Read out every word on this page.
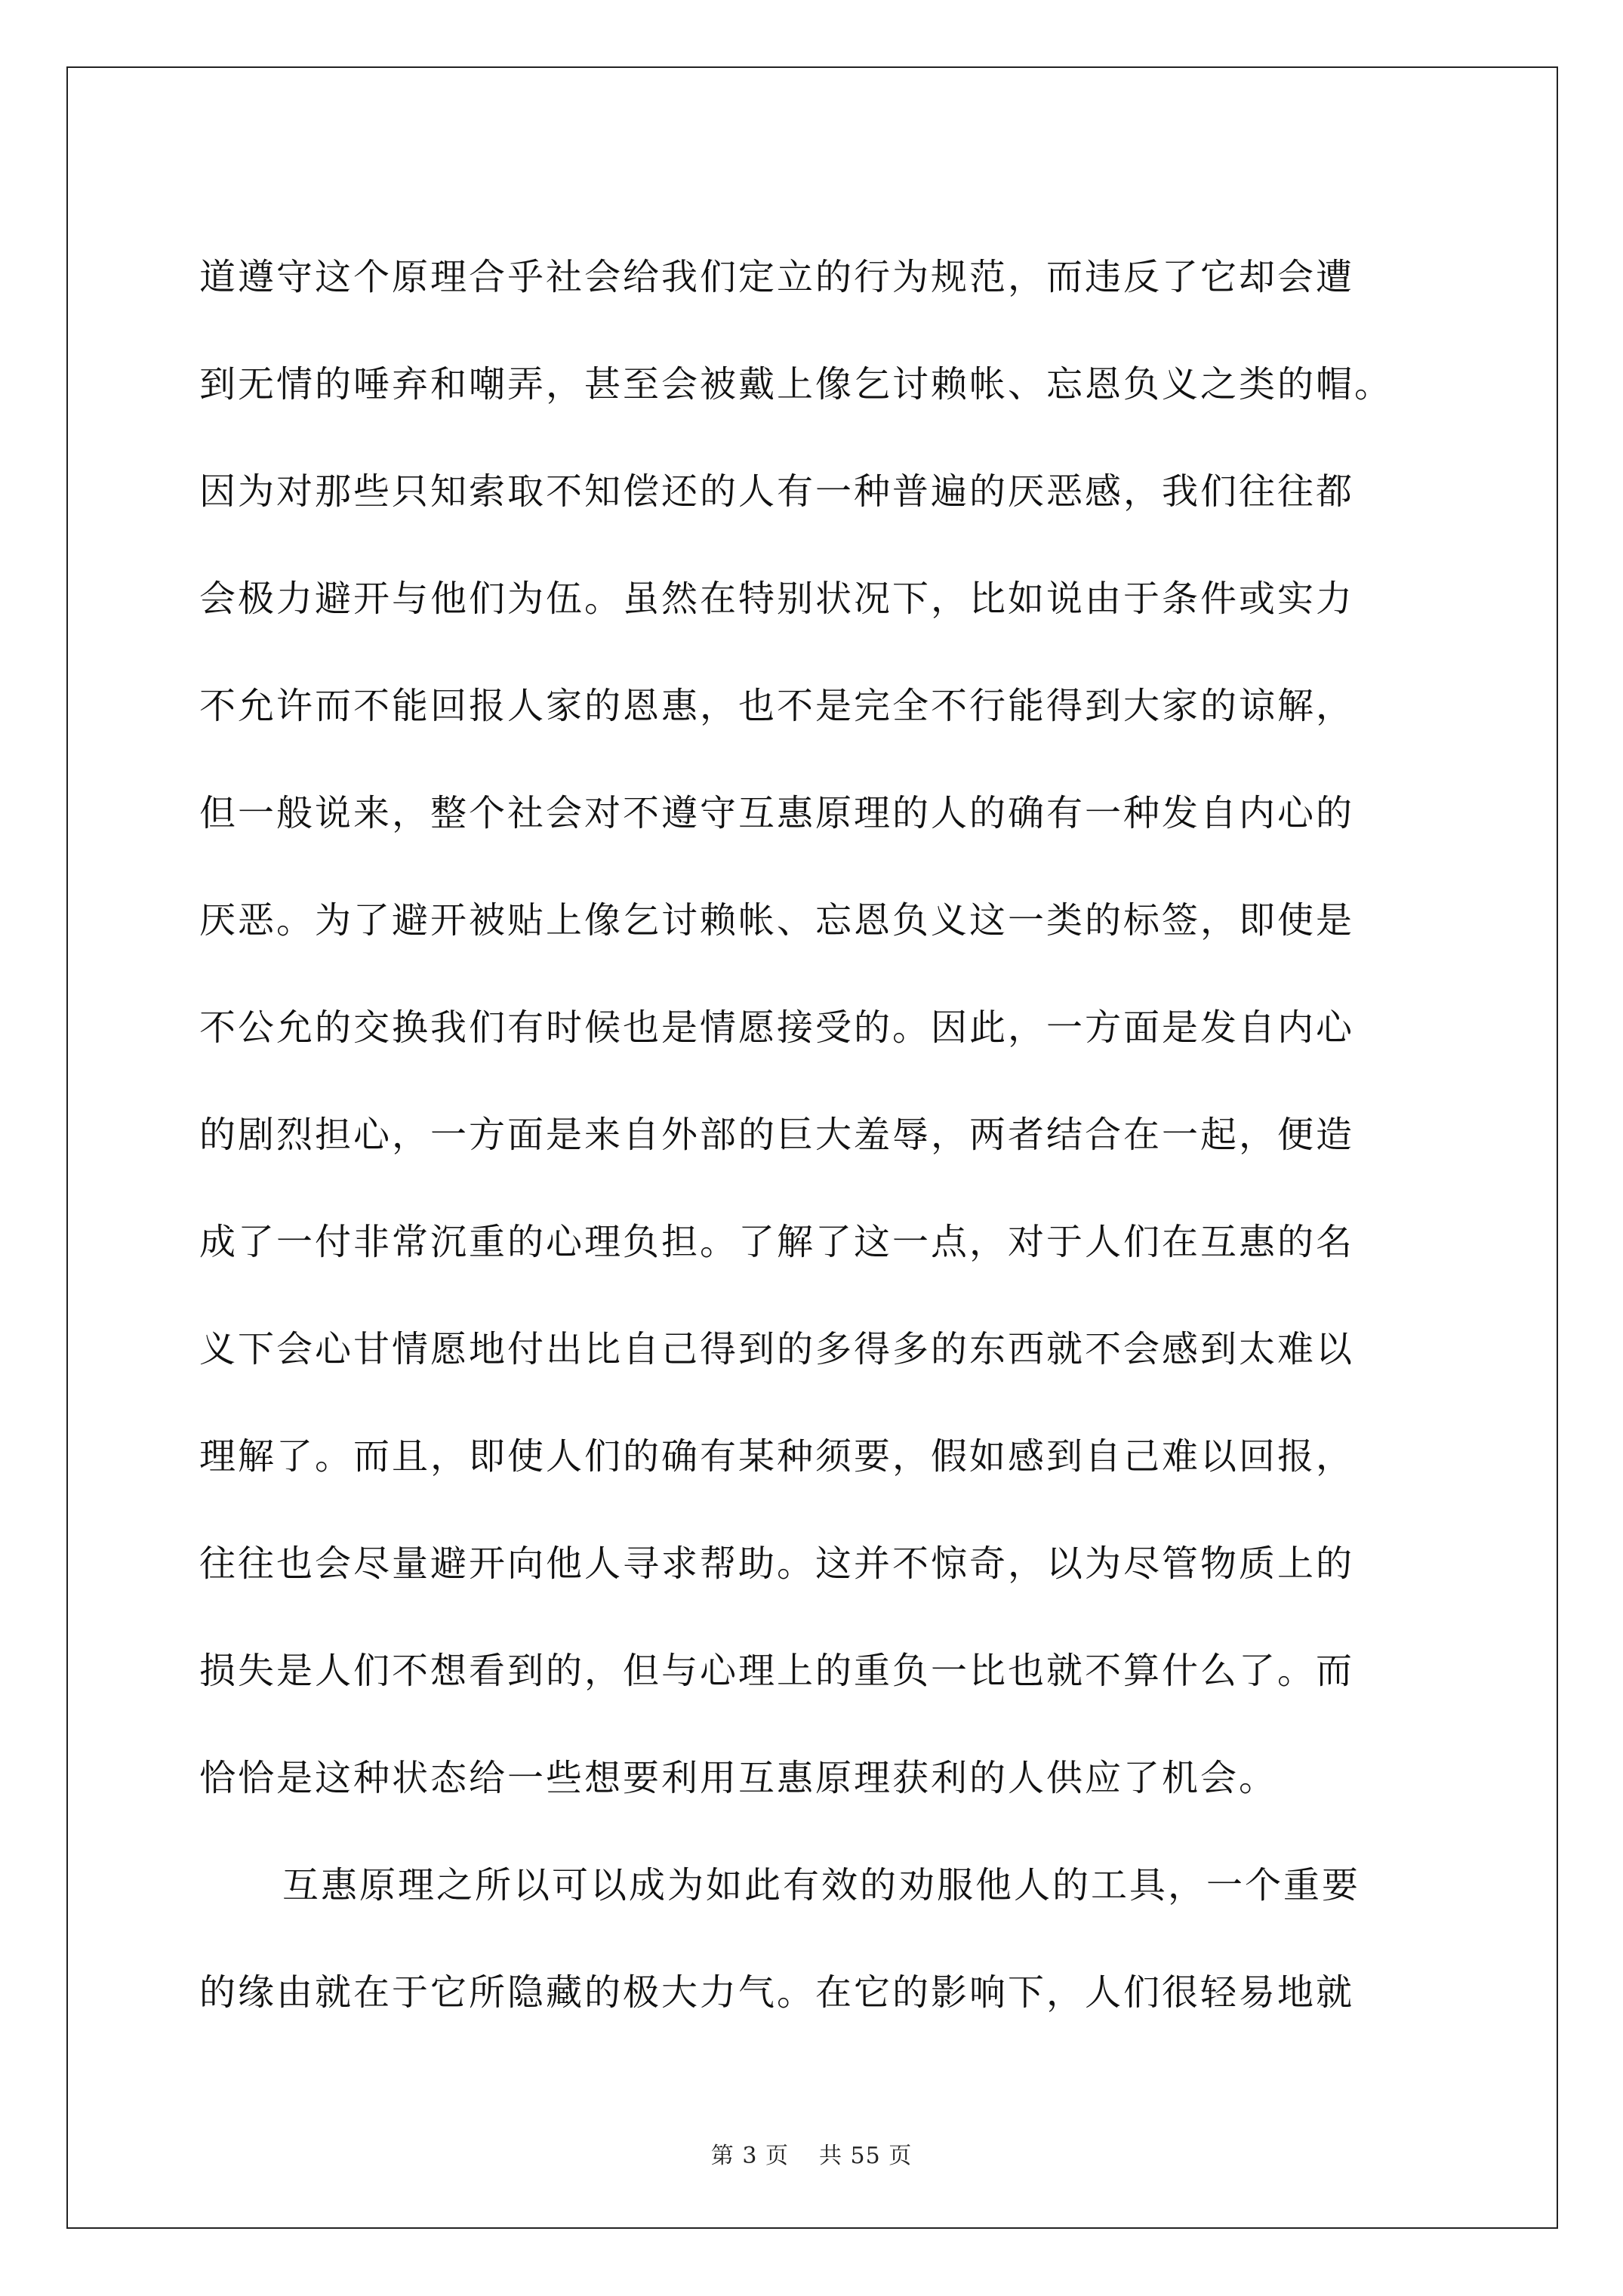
道遵守这个原理合乎社会给我们定立的行为规范，而违反了它却会遭
到无情的唾弃和嘲弄，甚至会被戴上像乞讨赖帐、忘恩负义之类的帽。
因为对那些只知索取不知偿还的人有一种普遍的厌恶感，我们往往都
会极力避开与他们为伍。虽然在特别状况下，比如说由于条件或实力
不允许而不能回报人家的恩惠，也不是完全不行能得到大家的谅解，
但一般说来，整个社会对不遵守互惠原理的人的确有一种发自内心的
厌恶。为了避开被贴上像乞讨赖帐、忘恩负义这一类的标签，即使是
不公允的交换我们有时候也是情愿接受的。因此，一方面是发自内心
的剧烈担心，一方面是来自外部的巨大羞辱，两者结合在一起，便造
成了一付非常沉重的心理负担。了解了这一点，对于人们在互惠的名
义下会心甘情愿地付出比自己得到的多得多的东西就不会感到太难以
理解了。而且，即使人们的确有某种须要，假如感到自己难以回报，
往往也会尽量避开向他人寻求帮助。这并不惊奇，以为尽管物质上的
损失是人们不想看到的，但与心理上的重负一比也就不算什么了。而
恰恰是这种状态给一些想要利用互惠原理获利的人供应了机会。
互惠原理之所以可以成为如此有效的劝服他人的工具，一个重要
的缘由就在于它所隐藏的极大力气。在它的影响下，人们很轻易地就
第 3 页 共 55 页
